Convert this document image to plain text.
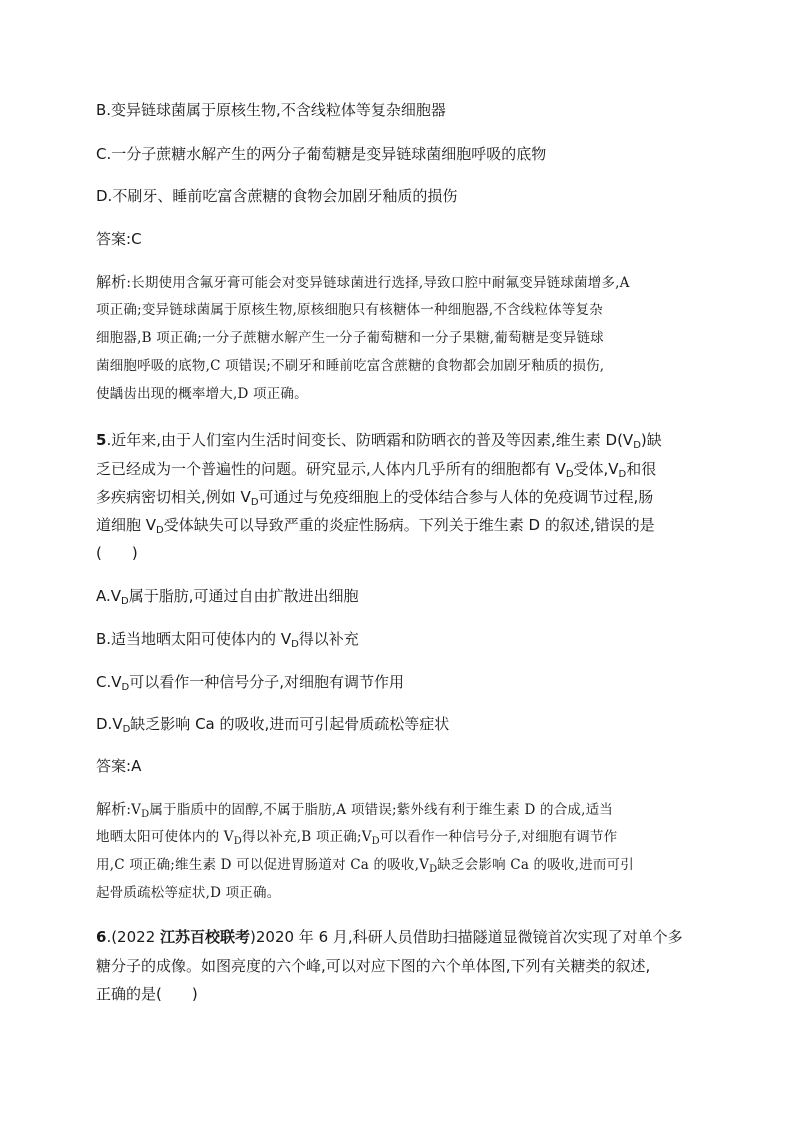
B.变异链球菌属于原核生物,不含线粒体等复杂细胞器
C.一分子蔗糖水解产生的两分子葡萄糖是变异链球菌细胞呼吸的底物
D.不刷牙、睡前吃富含蔗糖的食物会加剧牙釉质的损伤
答案:C
解析:长期使用含氟牙膏可能会对变异链球菌进行选择,导致口腔中耐氟变异链球菌增多,A
项正确;变异链球菌属于原核生物,原核细胞只有核糖体一种细胞器,不含线粒体等复杂
细胞器,B 项正确;一分子蔗糖水解产生一分子葡萄糖和一分子果糖,葡萄糖是变异链球
菌细胞呼吸的底物,C 项错误;不刷牙和睡前吃富含蔗糖的食物都会加剧牙釉质的损伤,
使龋齿出现的概率增大,D 项正确。
5.近年来,由于人们室内生活时间变长、防晒霜和防晒衣的普及等因素,维生素 $D(V_D)$缺
乏已经成为一个普遍性的问题。研究显示,人体内几乎所有的细胞都有 $V_D$受体$,V_D$和很
多疾病密切相关,例如 $V_D$可通过与免疫细胞上的受体结合参与人体的免疫调节过程,肠
道细胞 $V_D$受体缺失可以导致严重的炎症性肠病。下列关于维生素 D 的叙述,错误的是
(　　)
$A.V_D$属于脂肪,可通过自由扩散进出细胞
B.适当地晒太阳可使体内的 $V_D$得以补充
$C.V_D$可以看作一种信号分子,对细胞有调节作用
$D.V_D$缺乏影响 Ca 的吸收,进而可引起骨质疏松等症状
答案:A
解析$:V_D$属于脂质中的固醇,不属于脂肪,A 项错误;紫外线有利于维生素 D 的合成,适当
地晒太阳可使体内的 $V_D$得以补充,B 项正确$;V_D$可以看作一种信号分子,对细胞有调节作
用,C 项正确;维生素 D 可以促进胃肠道对 Ca 的吸收$,V_D$缺乏会影响 Ca 的吸收,进而可引
起骨质疏松等症状,D 项正确。
6.(2022 江苏百校联考)2020 年 6 月,科研人员借助扫描隧道显微镜首次实现了对单个多
糖分子的成像。如图亮度的六个峰,可以对应下图的六个单体图,下列有关糖类的叙述,
正确的是(　　)
